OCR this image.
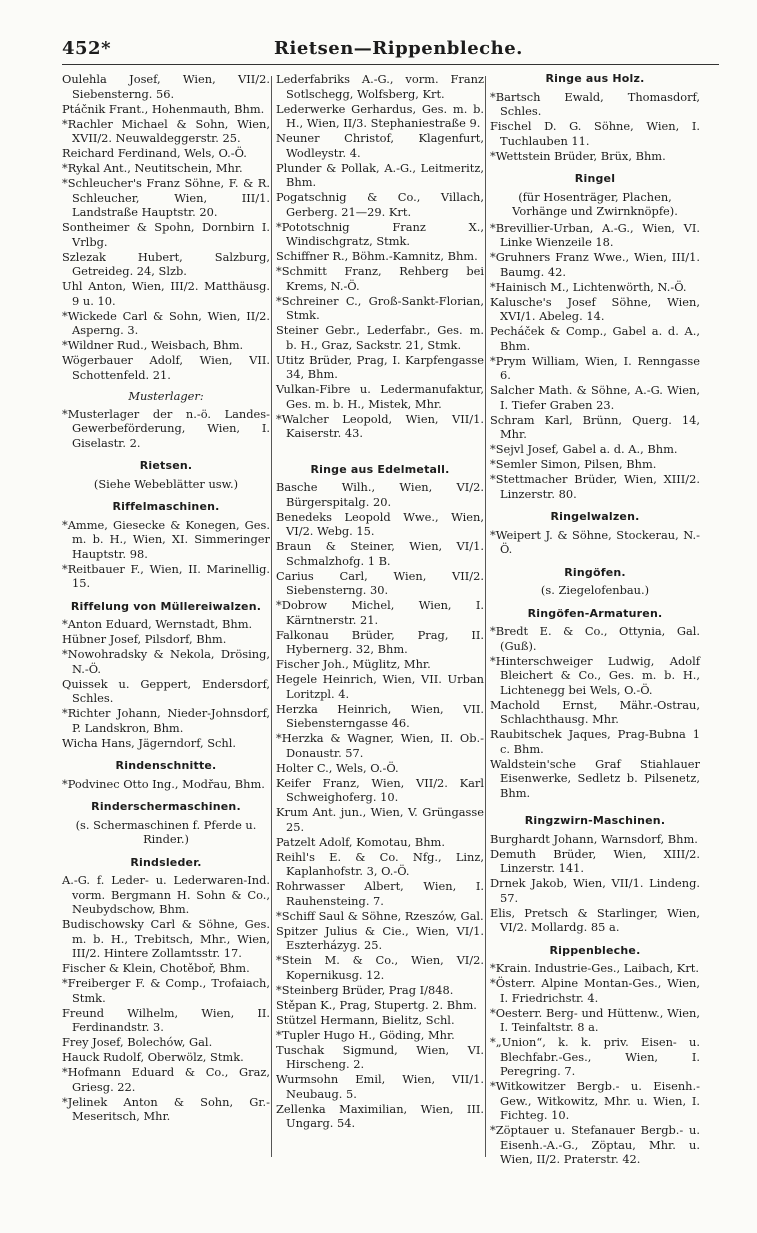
452*	Rietsen—Rippenbleche.

Oulehla Josef, Wien, VII/2. Siebensterng. 56.

Ptáčnik Frant., Hohenmauth, Bhm.

*Rachler Michael & Sohn, Wien, XVII/2. Neuwaldeggerstr. 25.

Reichard Ferdinand, Wels, O.-Ö.

*Rykal Ant., Neutitschein, Mhr.

*Schleucher's Franz Söhne, F. & R. Schleucher, Wien, III/1. Landstraße Hauptstr. 20.

Sontheimer & Spohn, Dornbirn I. Vrlbg.

Szlezak Hubert, Salzburg, Getreideg. 24, Slzb.

Uhl Anton, Wien, III/2. Matthäusg. 9 u. 10.

*Wickede Carl & Sohn, Wien, II/2. Asperng. 3.

*Wildner Rud., Weisbach, Bhm.

Wögerbauer Adolf, Wien, VII. Schottenfeld. 21.

Musterlager:

*Musterlager der n.-ö. Landes-Gewerbeförderung, Wien, I. Giselastr. 2.

Rietsen.
(Siehe Webeblätter usw.)
Riffelmaschinen.

*Amme, Giesecke & Konegen, Ges. m. b. H., Wien, XI. Simmeringer Hauptstr. 98.

*Reitbauer F., Wien, II. Marinellig. 15.

Riffelung von Müllereiwalzen.

*Anton Eduard, Wernstadt, Bhm.

Hübner Josef, Pilsdorf, Bhm.

*Nowohradsky & Nekola, Drösing, N.-Ö.

Quissek u. Geppert, Endersdorf, Schles.

*Richter Johann, Nieder-Johnsdorf, P. Landskron, Bhm.

Wicha Hans, Jägerndorf, Schl.

Rindenschnitte.

*Podvinec Otto Ing., Modřau, Bhm.

Rinderschermaschinen.
(s. Schermaschinen f. Pferde u. Rinder.)
Rindsleder.

A.-G. f. Leder- u. Lederwaren-Ind. vorm. Bergmann H. Sohn & Co., Neubydschow, Bhm.

Budischowsky Carl & Söhne, Ges. m. b. H., Trebitsch, Mhr., Wien, III/2. Hintere Zollamtsstr. 17.

Fischer & Klein, Chotěboř, Bhm.

*Freiberger F. & Comp., Trofaiach, Stmk.

Freund Wilhelm, Wien, II. Ferdinandstr. 3.

Frey Josef, Bolechów, Gal.

Hauck Rudolf, Oberwölz, Stmk.

*Hofmann Eduard & Co., Graz, Griesg. 22.

*Jelinek Anton & Sohn, Gr.-Meseritsch, Mhr.

Lederfabriks A.-G., vorm. Franz Sotlschegg, Wolfsberg, Krt.

Lederwerke Gerhardus, Ges. m. b. H., Wien, II/3. Stephaniestraße 9.

Neuner Christof, Klagenfurt, Wodleystr. 4.

Plunder & Pollak, A.-G., Leitmeritz, Bhm.

Pogatschnig & Co., Villach, Gerberg. 21—29. Krt.

*Pototschnig Franz X., Windischgratz, Stmk.

Schiffner R., Böhm.-Kamnitz, Bhm.

*Schmitt Franz, Rehberg bei Krems, N.-Ö.

*Schreiner C., Groß-Sankt-Florian, Stmk.

Steiner Gebr., Lederfabr., Ges. m. b. H., Graz, Sackstr. 21, Stmk.

Utitz Brüder, Prag, I. Karpfengasse 34, Bhm.

Vulkan-Fibre u. Ledermanufaktur, Ges. m. b. H., Mistek, Mhr.

*Walcher Leopold, Wien, VII/1. Kaiserstr. 43.

Ringe aus Edelmetall.

Basche Wilh., Wien, VI/2. Bürgerspitalg. 20.

Benedeks Leopold Wwe., Wien, VI/2. Webg. 15.

Braun & Steiner, Wien, VI/1. Schmalzhofg. 1 B.

Carius Carl, Wien, VII/2. Siebensterng. 30.

*Dobrow Michel, Wien, I. Kärntnerstr. 21.

Falkonau Brüder, Prag, II. Hybernerg. 32, Bhm.

Fischer Joh., Müglitz, Mhr.

Hegele Heinrich, Wien, VII. Urban Loritzpl. 4.

Herzka Heinrich, Wien, VII. Siebensterngasse 46.

*Herzka & Wagner, Wien, II. Ob.-Donaustr. 57.

Holter C., Wels, O.-Ö.

Keifer Franz, Wien, VII/2. Karl Schweighoferg. 10.

Krum Ant. jun., Wien, V. Grüngasse 25.

Patzelt Adolf, Komotau, Bhm.

Reihl's E. & Co. Nfg., Linz, Kaplanhofstr. 3, O.-Ö.

Rohrwasser Albert, Wien, I. Rauhensteing. 7.

*Schiff Saul & Söhne, Rzeszów, Gal.

Spitzer Julius & Cie., Wien, VI/1. Eszterházyg. 25.

*Stein M. & Co., Wien, VI/2. Kopernikusg. 12.

*Steinberg Brüder, Prag I/848.

Stěpan K., Prag, Stupertg. 2. Bhm.

Stützel Hermann, Bielitz, Schl.

*Tupler Hugo H., Göding, Mhr.

Tuschak Sigmund, Wien, VI. Hirscheng. 2.

Wurmsohn Emil, Wien, VII/1. Neubaug. 5.

Zellenka Maximilian, Wien, III. Ungarg. 54.

Ringe aus Holz.

*Bartsch Ewald, Thomasdorf, Schles.

Fischel D. G. Söhne, Wien, I. Tuchlauben 11.

*Wettstein Brüder, Brüx, Bhm.

Ringel
(für Hosenträger, Plachen, Vorhänge und Zwirnknöpfe).

*Brevillier-Urban, A.-G., Wien, VI. Linke Wienzeile 18.

*Gruhners Franz Wwe., Wien, III/1. Baumg. 42.

*Hainisch M., Lichtenwörth, N.-Ö.

Kalusche's Josef Söhne, Wien, XVI/1. Abeleg. 14.

Pecháček & Comp., Gabel a. d. A., Bhm.

*Prym William, Wien, I. Renngasse 6.

Salcher Math. & Söhne, A.-G. Wien, I. Tiefer Graben 23.

Schram Karl, Brünn, Querg. 14, Mhr.

*Sejvl Josef, Gabel a. d. A., Bhm.

*Semler Simon, Pilsen, Bhm.

*Stettmacher Brüder, Wien, XIII/2. Linzerstr. 80.

Ringelwalzen.

*Weipert J. & Söhne, Stockerau, N.-Ö.

Ringöfen.
(s. Ziegelofenbau.)
Ringöfen-Armaturen.

*Bredt E. & Co., Ottynia, Gal. (Guß).

*Hinterschweiger Ludwig, Adolf Bleichert & Co., Ges. m. b. H., Lichtenegg bei Wels, O.-Ö.

Machold Ernst, Mähr.-Ostrau, Schlachthausg. Mhr.

Raubitschek Jaques, Prag-Bubna 1 c. Bhm.

Waldstein'sche Graf Stiahlauer Eisenwerke, Sedletz b. Pilsenetz, Bhm.

Ringzwirn-Maschinen.

Burghardt Johann, Warnsdorf, Bhm.

Demuth Brüder, Wien, XIII/2. Linzerstr. 141.

Drnek Jakob, Wien, VII/1. Lindeng. 57.

Elis, Pretsch & Starlinger, Wien, VI/2. Mollardg. 85 a.

Rippenbleche.

*Krain. Industrie-Ges., Laibach, Krt.

*Österr. Alpine Montan-Ges., Wien, I. Friedrichstr. 4.

*Oesterr. Berg- und Hüttenw., Wien, I. Teinfaltstr. 8 a.

*„Union“, k. k. priv. Eisen- u. Blechfabr.-Ges., Wien, I. Peregring. 7.

*Witkowitzer Bergb.- u. Eisenh.-Gew., Witkowitz, Mhr. u. Wien, I. Fichteg. 10.

*Zöptauer u. Stefanauer Bergb.- u. Eisenh.-A.-G., Zöptau, Mhr. u. Wien, II/2. Praterstr. 42.
